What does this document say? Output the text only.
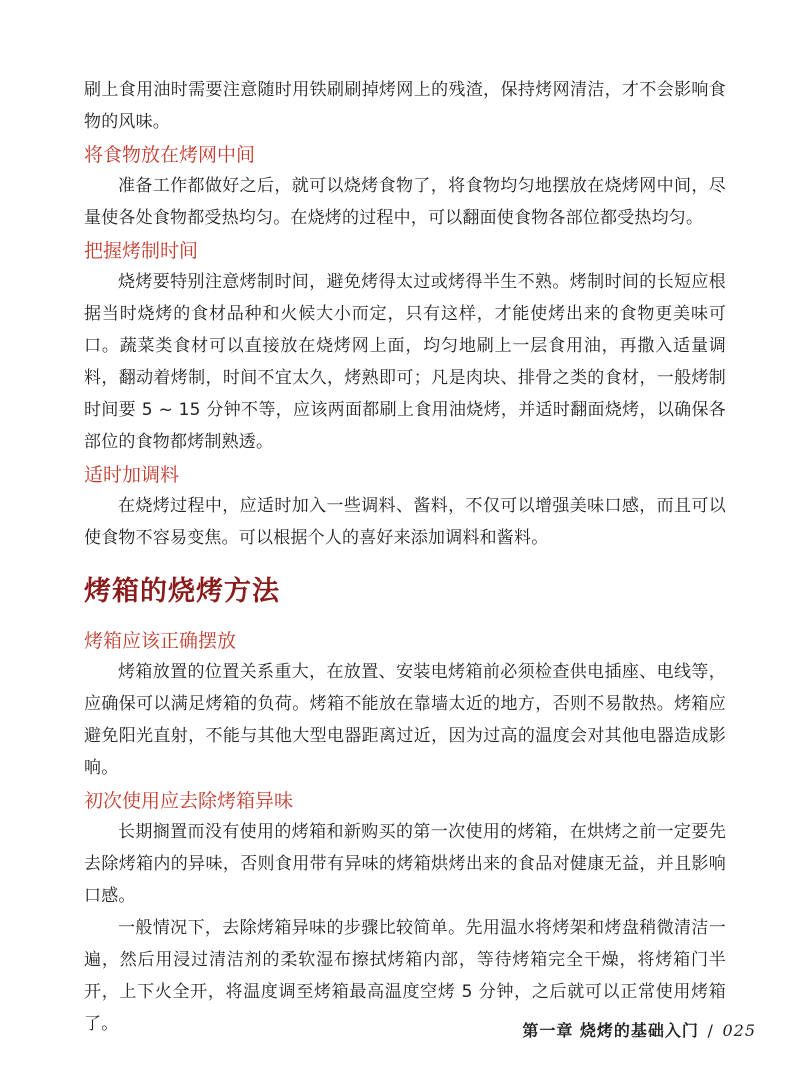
刷上食用油时需要注意随时用铁刷刷掉烤网上的残渣，保持烤网清洁，才不会影响食物的风味。

将食物放在烤网中间

准备工作都做好之后，就可以烧烤食物了，将食物均匀地摆放在烧烤网中间，尽量使各处食物都受热均匀。在烧烤的过程中，可以翻面使食物各部位都受热均匀。

把握烤制时间

烧烤要特别注意烤制时间，避免烤得太过或烤得半生不熟。烤制时间的长短应根据当时烧烤的食材品种和火候大小而定，只有这样，才能使烤出来的食物更美味可口。蔬菜类食材可以直接放在烧烤网上面，均匀地刷上一层食用油，再撒入适量调料，翻动着烤制，时间不宜太久，烤熟即可；凡是肉块、排骨之类的食材，一般烤制时间要 5 ~ 15 分钟不等，应该两面都刷上食用油烧烤，并适时翻面烧烤，以确保各部位的食物都烤制熟透。

适时加调料

在烧烤过程中，应适时加入一些调料、酱料，不仅可以增强美味口感，而且可以使食物不容易变焦。可以根据个人的喜好来添加调料和酱料。

烤箱的烧烤方法
烤箱应该正确摆放

烤箱放置的位置关系重大，在放置、安装电烤箱前必须检查供电插座、电线等，应确保可以满足烤箱的负荷。烤箱不能放在靠墙太近的地方，否则不易散热。烤箱应避免阳光直射，不能与其他大型电器距离过近，因为过高的温度会对其他电器造成影响。

初次使用应去除烤箱异味

长期搁置而没有使用的烤箱和新购买的第一次使用的烤箱，在烘烤之前一定要先去除烤箱内的异味，否则食用带有异味的烤箱烘烤出来的食品对健康无益，并且影响口感。

一般情况下，去除烤箱异味的步骤比较简单。先用温水将烤架和烤盘稍微清洁一遍，然后用浸过清洁剂的柔软湿布擦拭烤箱内部，等待烤箱完全干燥，将烤箱门半开，上下火全开，将温度调至烤箱最高温度空烤 5 分钟，之后就可以正常使用烤箱了。	第一章 烧烤的基础入门 / 025
